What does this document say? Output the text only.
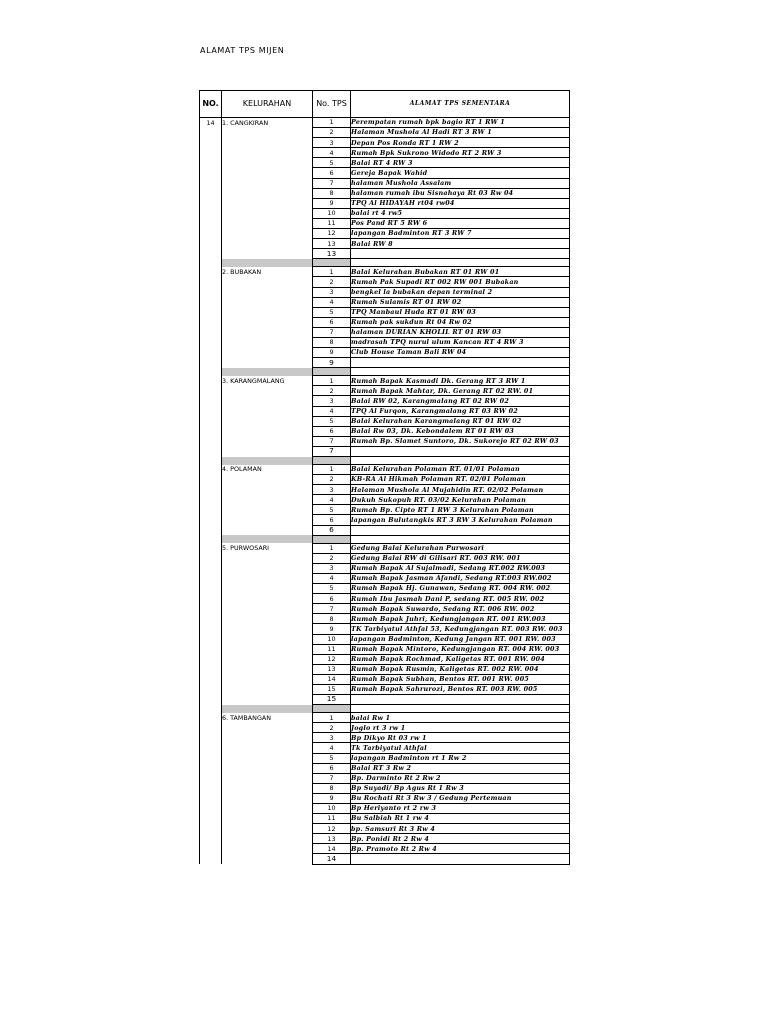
ALAMAT TPS MIJEN
NO.	KELURAHAN	No. TPS	ALAMAT TPS SEMENTARA
14	1. CANGKIRAN	1	Perempatan rumah bpk bagio RT 1 RW 1
		2	Halaman Mushola Al Hadi RT 3 RW 1
		3	Depan Pos Ronda RT 1 RW 2
		4	Rumah Bpk Sukrono Widodo RT 2 RW 3
		5	Balai RT 4 RW 3
		6	Gereja Bapak Wahid
		7	halaman Mushola Assalam
		8	halaman rumah ibu Sisnahaya Rt 03 Rw 04
		9	TPQ Al HIDAYAH rt04 rw04
		10	balai rt 4 rw5
		11	Pos Pand RT 5 RW 6
		12	lapangan Badminton RT 3 RW 7
		13	Balai RW 8
		13	

	2. BUBAKAN	1	Balai Kelurahan Bubakan RT 01 RW 01
		2	Rumah Pak Supadi RT 002 RW 001 Bubakan
		3	bengkel la bubakan depan terminal 2
		4	Rumah Sulamis RT 01 RW 02
		5	TPQ Manbaul Huda RT 01 RW 03
		6	Rumah pak sukdun Rt 04 Rw 02
		7	halaman DURIAN KHOLIL RT 01 RW 03
		8	madrasah TPQ nurul ulum Kancan RT 4 RW 3
		9	Club House Taman Bali RW 04
		9	

	3. KARANGMALANG	1	Rumah Bapak Kasmadi Dk. Gerang RT 3 RW 1
		2	Rumah Bapak Mahtar, Dk. Gerang RT 02 RW. 01
		3	Balai RW 02, Karangmalang RT 02 RW 02
		4	TPQ Al Furqon, Karangmalang RT 03 RW 02
		5	Balai Kelurahan Karangmalang RT 01 RW 02
		6	Balai Rw 03, Dk. Kebondalem RT 01 RW 03
		7	Rumah Bp. Slamet Suntoro, Dk. Sukorejo RT 02 RW 03
		7	

	4. POLAMAN	1	Balai Kelurahan Polaman RT. 01/01 Polaman
		2	KB-RA Al Hikmah Polaman RT. 02/01 Polaman
		3	Halaman Mushola Al Mujahidin RT. 02/02 Polaman
		4	Dukuh Sukopuh RT. 03/02 Kelurahan Polaman
		5	Rumah Bp. Cipto RT 1 RW 3 Kelurahan Polaman
		6	lapangan Bulutangkis RT 3 RW 3 Kelurahan Polaman
		6	

	5. PURWOSARI	1	Gedung Balai Kelurahan Purwosari
		2	Gedung Balai RW di Gilisari RT. 003 RW. 001
		3	Rumah Bapak Al Sujalmadi, Sedang RT.002 RW.003
		4	Rumah Bapak Jasman Afandi, Sedang RT.003 RW.002
		5	Rumah Bapak Hj. Gunawan, Sedang RT. 004 RW. 002
		6	Rumah Ibu Jasmah Dani P, sedang RT. 005 RW. 002
		7	Rumah Bapak Suwardo, Sedang RT. 006 RW. 002
		8	Rumah Bapak Juhri, Kedungjangan RT. 001 RW.003
		9	TK Tarbiyatul Athfal 53, Kedungjangan RT. 003 RW. 003
		10	lapangan Badminton, Kedung Jangan RT. 001 RW. 003
		11	Rumah Bapak Mintoro, Kedungjangan RT. 004 RW. 003
		12	Rumah Bapak Rochmad, Kaligetas RT. 001 RW. 004
		13	Rumah Bapak Rusmin, Kaligetas RT. 002 RW. 004
		14	Rumah Bapak Subhan, Bentos RT. 001 RW. 005
		15	Rumah Bapak Sahrurozi, Bentos RT. 003 RW. 005
		15	

	6. TAMBANGAN	1	balai Rw 1
		2	Joglo rt 3 rw 1
		3	Bp Dikyo Rt 03 rw 1
		4	Tk Tarbiyatul Athfal
		5	lapangan Badminton rt 1 Rw 2
		6	Balai RT 3 Rw 2
		7	Bp. Darminto Rt 2 Rw 2
		8	Bp Suyadi/ Bp Agus Rt 1 Rw 3
		9	Bu Rochati Rt 3 Rw 3 / Gedung Pertemuan
		10	Bp Heriyanto rt 2 rw 3
		11	Bu Salbiah Rt 1 rw 4
		12	bp. Samsuri Rt 3 Rw 4
		13	Bp. Ponidi Rt 2 Rw 4
		14	Bp. Pramoto Rt 2 Rw 4
		14	
